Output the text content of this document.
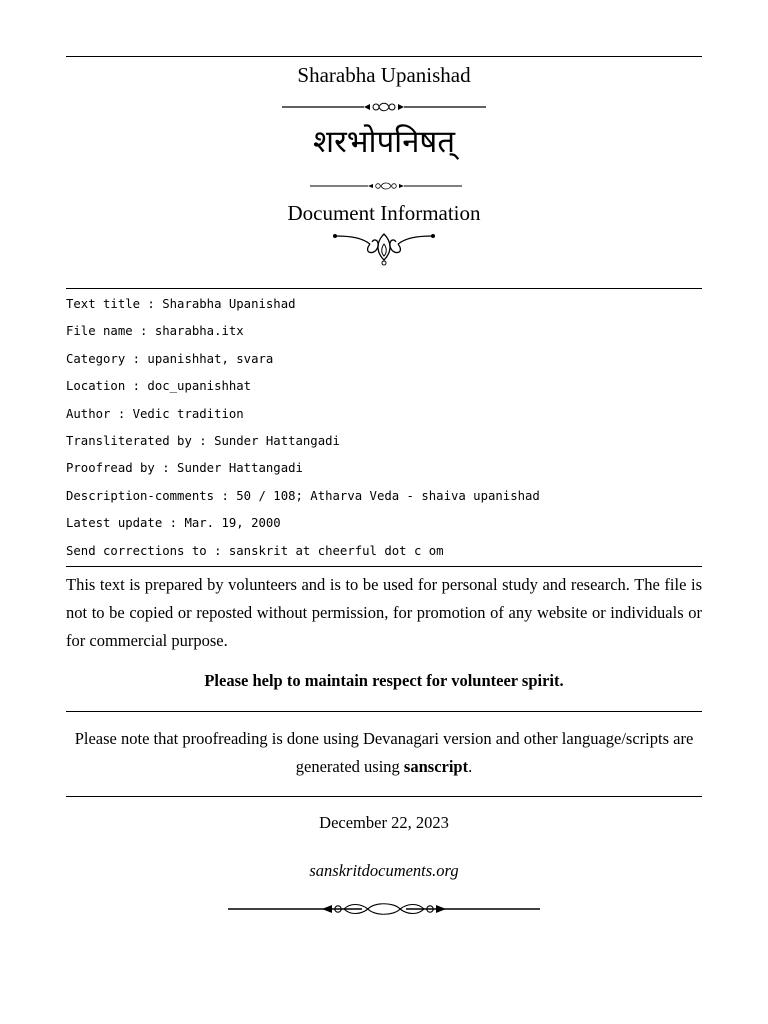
Sharabha Upanishad
शरभोपनिषत्
Document Information
Text title : Sharabha Upanishad
File name : sharabha.itx
Category : upanishhat, svara
Location : doc_upanishhat
Author : Vedic tradition
Transliterated by : Sunder Hattangadi
Proofread by : Sunder Hattangadi
Description-comments : 50 / 108; Atharva Veda - shaiva upanishad
Latest update : Mar. 19, 2000
Send corrections to : sanskrit at cheerful dot c om
This text is prepared by volunteers and is to be used for personal study and research. The file is not to be copied or reposted without permission, for promotion of any website or individuals or for commercial purpose.
Please help to maintain respect for volunteer spirit.
Please note that proofreading is done using Devanagari version and other language/scripts are generated using sanscript.
December 22, 2023
sanskritdocuments.org
